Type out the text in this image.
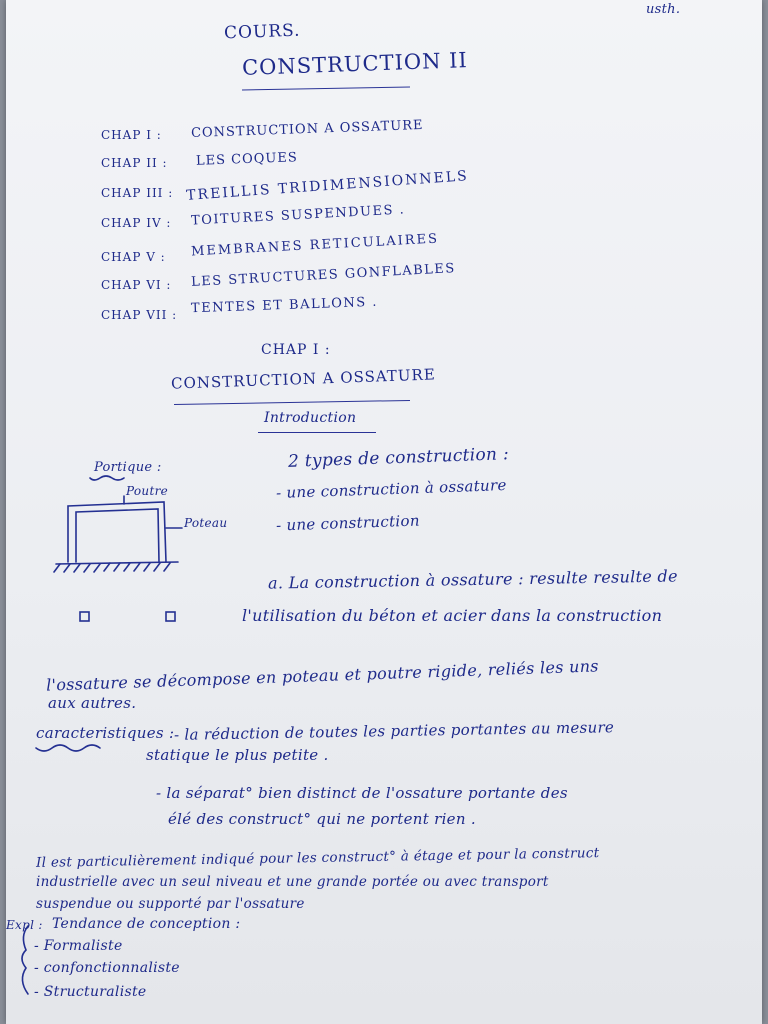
usth.
COURS.
CONSTRUCTION II
CHAP I : CONSTRUCTION A OSSATURE
CHAP II : LES COQUES
CHAP III : TREILLIS TRIDIMENSIONNELS
CHAP IV : TOITURES SUSPENDUES .
CHAP V : MEMBRANES RETICULAIRES
CHAP VI : LES STRUCTURES GONFLABLES
CHAP VII : TENTES ET BALLONS .
CHAP I :
CONSTRUCTION A OSSATURE
Introduction
Portique :
Poutre
Poteau
2 types de construction :
- une construction à ossature
- une construction
a. La construction à ossature : resulte resulte de
l'utilisation du béton et acier dans la construction
l'ossature se décompose en poteau et poutre rigide, reliés les uns
aux autres.
caracteristiques : - la réduction de toutes les parties portantes au mesure
statique le plus petite .
- la séparat° bien distinct de l'ossature portante des
élé des construct° qui ne portent rien .
Il est particulièrement indiqué pour les construct° à étage et pour la construct
industrielle avec un seul niveau et une grande portée ou avec transport
suspendue ou supporté par l'ossature
Expl : Tendance de conception :
- Formaliste
- confonctionnaliste
- Structuraliste
